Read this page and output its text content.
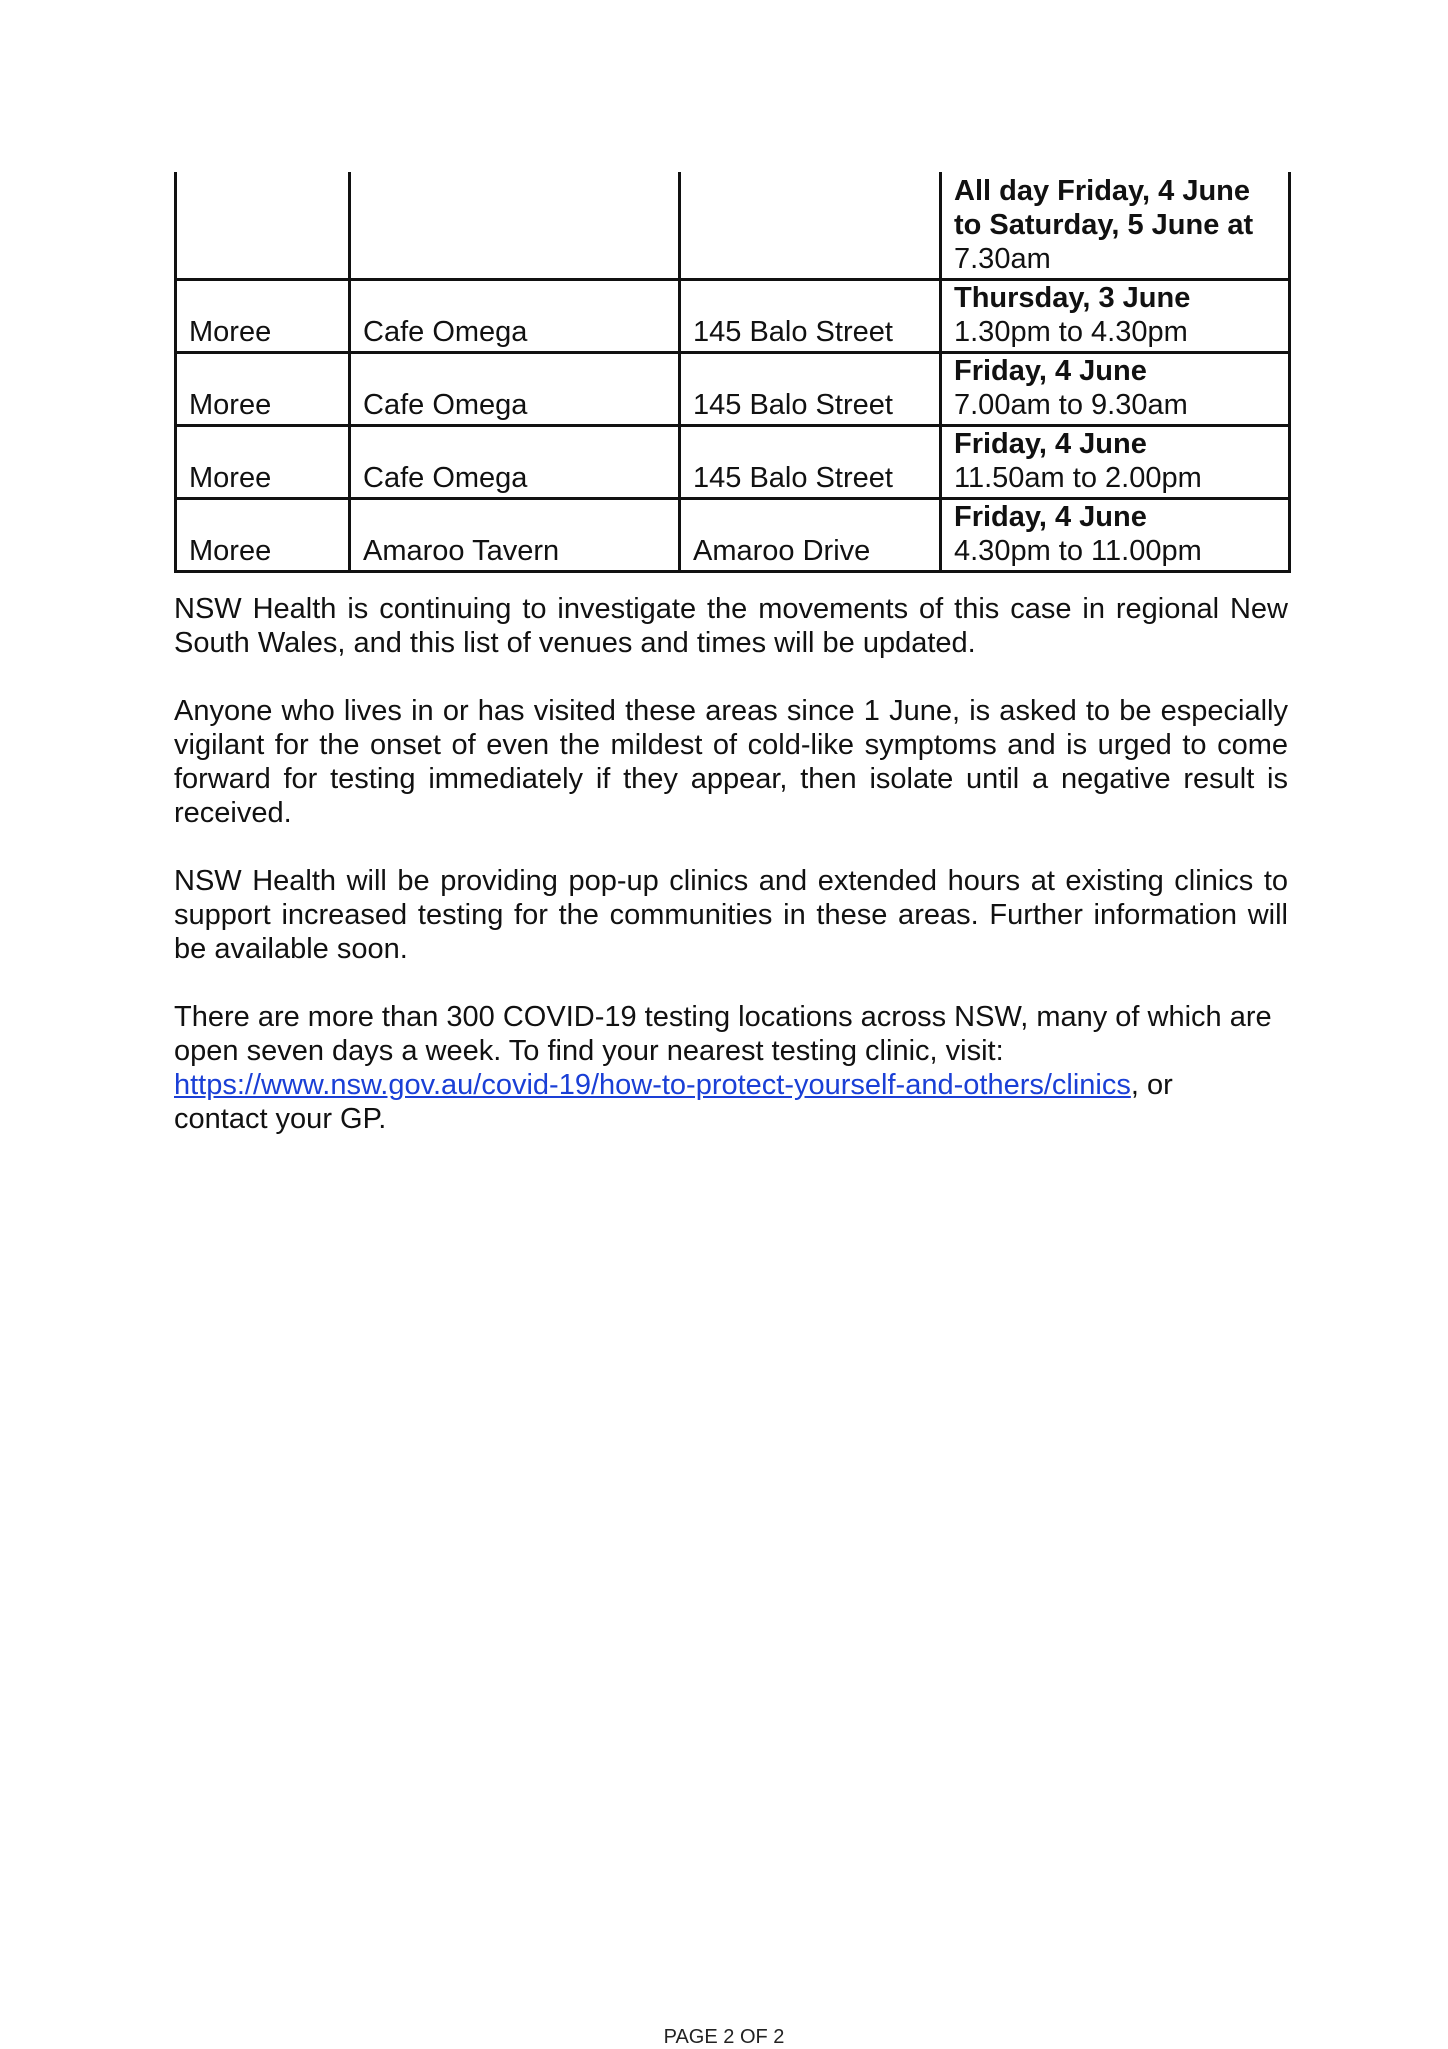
			All day Friday, 4 June
to Saturday, 5 June at
7.30am

Moree	Cafe Omega	145 Balo Street	Thursday, 3 June
1.30pm to 4.30pm

Moree	Cafe Omega	145 Balo Street	Friday, 4 June
7.00am to 9.30am

Moree	Cafe Omega	145 Balo Street	Friday, 4 June
11.50am to 2.00pm

Moree	Amaroo Tavern	Amaroo Drive	Friday, 4 June
4.30pm to 11.00pm

NSW Health is continuing to investigate the movements of this case in regional New South Wales, and this list of venues and times will be updated.

Anyone who lives in or has visited these areas since 1 June, is asked to be especially vigilant for the onset of even the mildest of cold-like symptoms and is urged to come forward for testing immediately if they appear, then isolate until a negative result is received.

NSW Health will be providing pop-up clinics and extended hours at existing clinics to support increased testing for the communities in these areas. Further information will be available soon.

There are more than 300 COVID-19 testing locations across NSW, many of which are
open seven days a week. To find your nearest testing clinic, visit:
https://www.nsw.gov.au/covid-19/how-to-protect-yourself-and-others/clinics, or
contact your GP.

PAGE 2 OF 2
